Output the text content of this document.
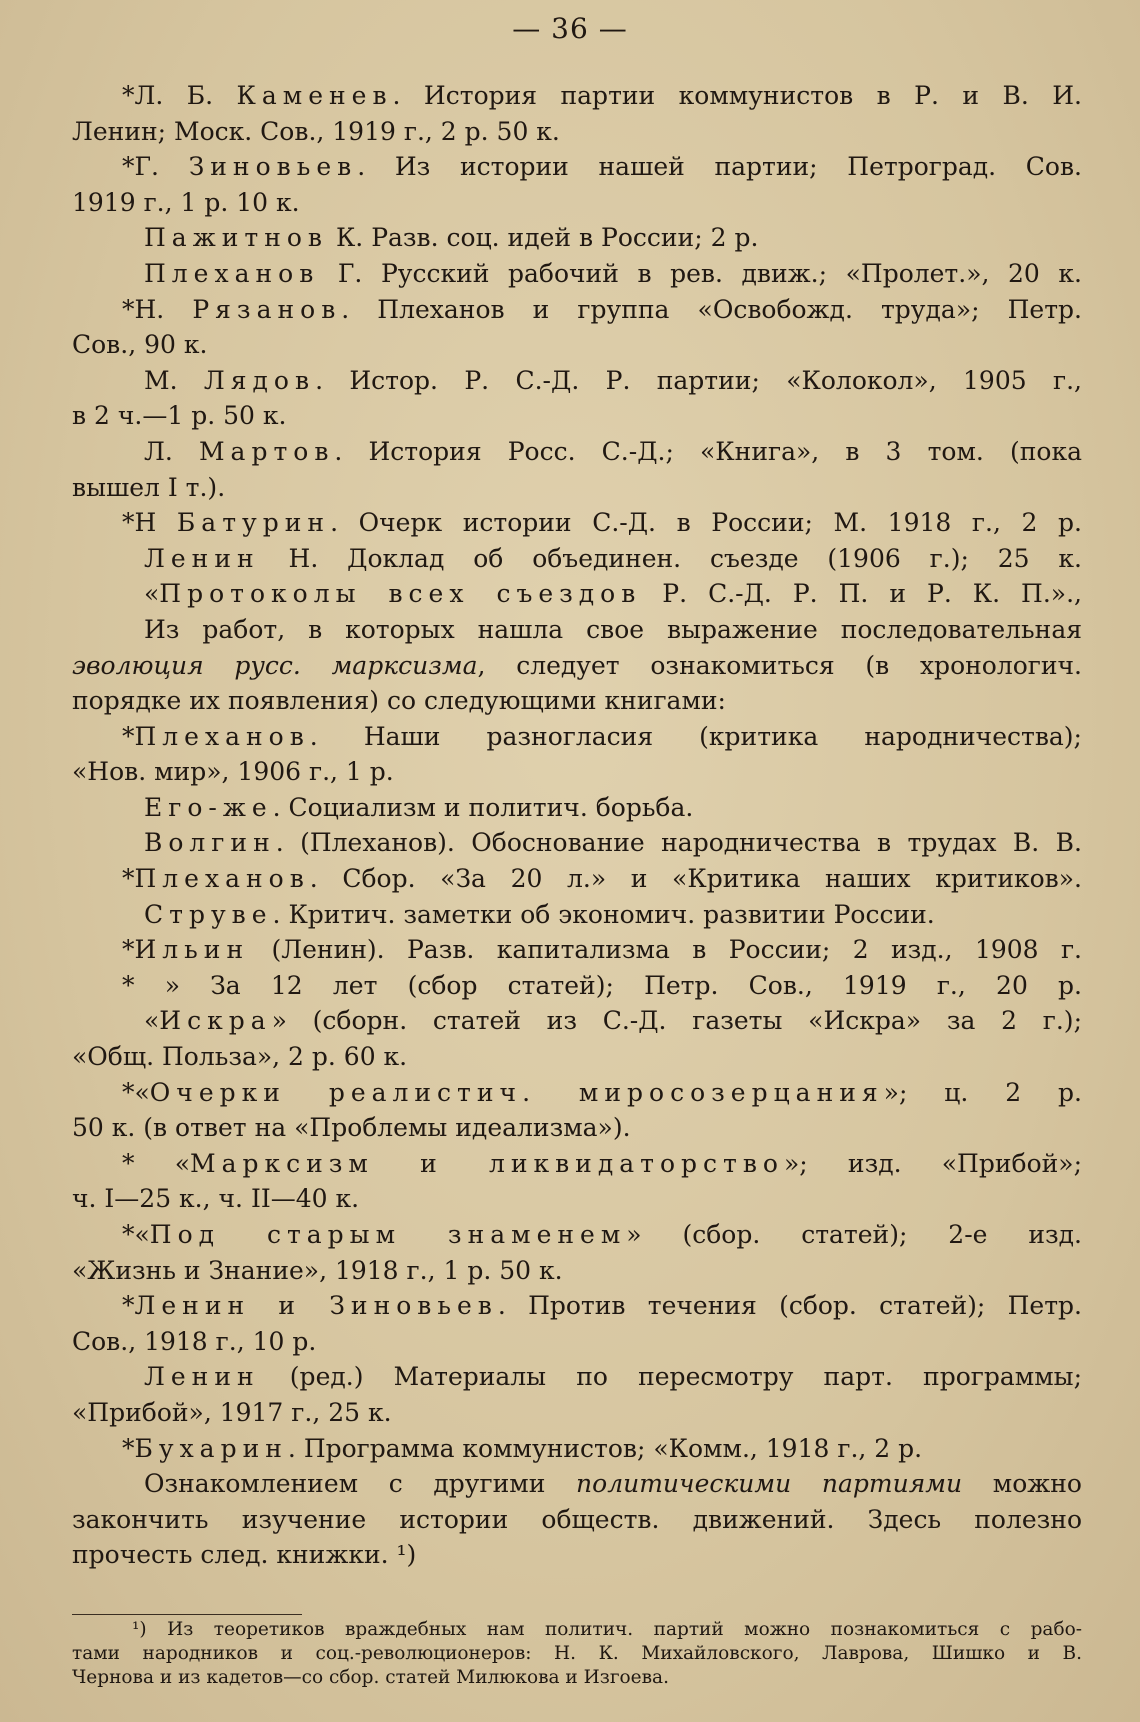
— 36 —
*Л. Б. Каменев. История партии коммунистов в Р. и В. И.
Ленин; Моск. Сов., 1919 г., 2 р. 50 к.
*Г. Зиновьев. Из истории нашей партии; Петроград. Сов.
1919 г., 1 р. 10 к.
Пажитнов К. Разв. соц. идей в России; 2 р.
Плеханов Г. Русский рабочий в рев. движ.; «Пролет.», 20 к.
*Н. Рязанов. Плеханов и группа «Освобожд. труда»; Петр.
Сов., 90 к.
М. Лядов. Истор. Р. С.-Д. Р. партии; «Колокол», 1905 г.,
в 2 ч.—1 р. 50 к.
Л. Мартов. История Росс. С.-Д.; «Книга», в 3 том. (пока
вышел I т.).
*Н Батурин. Очерк истории С.-Д. в России; М. 1918 г., 2 р.
Ленин Н. Доклад об объединен. съезде (1906 г.); 25 к.
«Протоколы всех съездов Р. С.-Д. Р. П. и Р. К. П.».,
Из работ, в которых нашла свое выражение последовательная
эволюция русс. марксизма, следует ознакомиться (в хронологич.
порядке их появления) со следующими книгами:
*Плеханов. Наши разногласия (критика народничества);
«Нов. мир», 1906 г., 1 р.
Его-же. Социализм и политич. борьба.
Волгин. (Плеханов). Обоснование народничества в трудах В. В.
*Плеханов. Сбор. «За 20 л.» и «Критика наших критиков».
Струве. Критич. заметки об экономич. развитии России.
*Ильин (Ленин). Разв. капитализма в России; 2 изд., 1908 г.
* » За 12 лет (сбор статей); Петр. Сов., 1919 г., 20 р.
«Искра» (сборн. статей из С.-Д. газеты «Искра» за 2 г.);
«Общ. Польза», 2 р. 60 к.
*«Очерки реалистич. миросозерцания»; ц. 2 р.
50 к. (в ответ на «Проблемы идеализма»).
* «Марксизм и ликвидаторство»; изд. «Прибой»;
ч. I—25 к., ч. II—40 к.
*«Под старым знаменем» (сбор. статей); 2-е изд.
«Жизнь и Знание», 1918 г., 1 р. 50 к.
*Ленин и Зиновьев. Против течения (сбор. статей); Петр.
Сов., 1918 г., 10 р.
Ленин (ред.) Материалы по пересмотру парт. программы;
«Прибой», 1917 г., 25 к.
*Бухарин. Программа коммунистов; «Комм., 1918 г., 2 р.
Ознакомлением с другими политическими партиями можно
закончить изучение истории обществ. движений. Здесь полезно
прочесть след. книжки. ¹)
¹) Из теоретиков враждебных нам политич. партий можно познакомиться с рабо-
тами народников и соц.-революционеров: Н. К. Михайловского, Лаврова, Шишко и В.
Чернова и из кадетов—со сбор. статей Милюкова и Изгоева.
